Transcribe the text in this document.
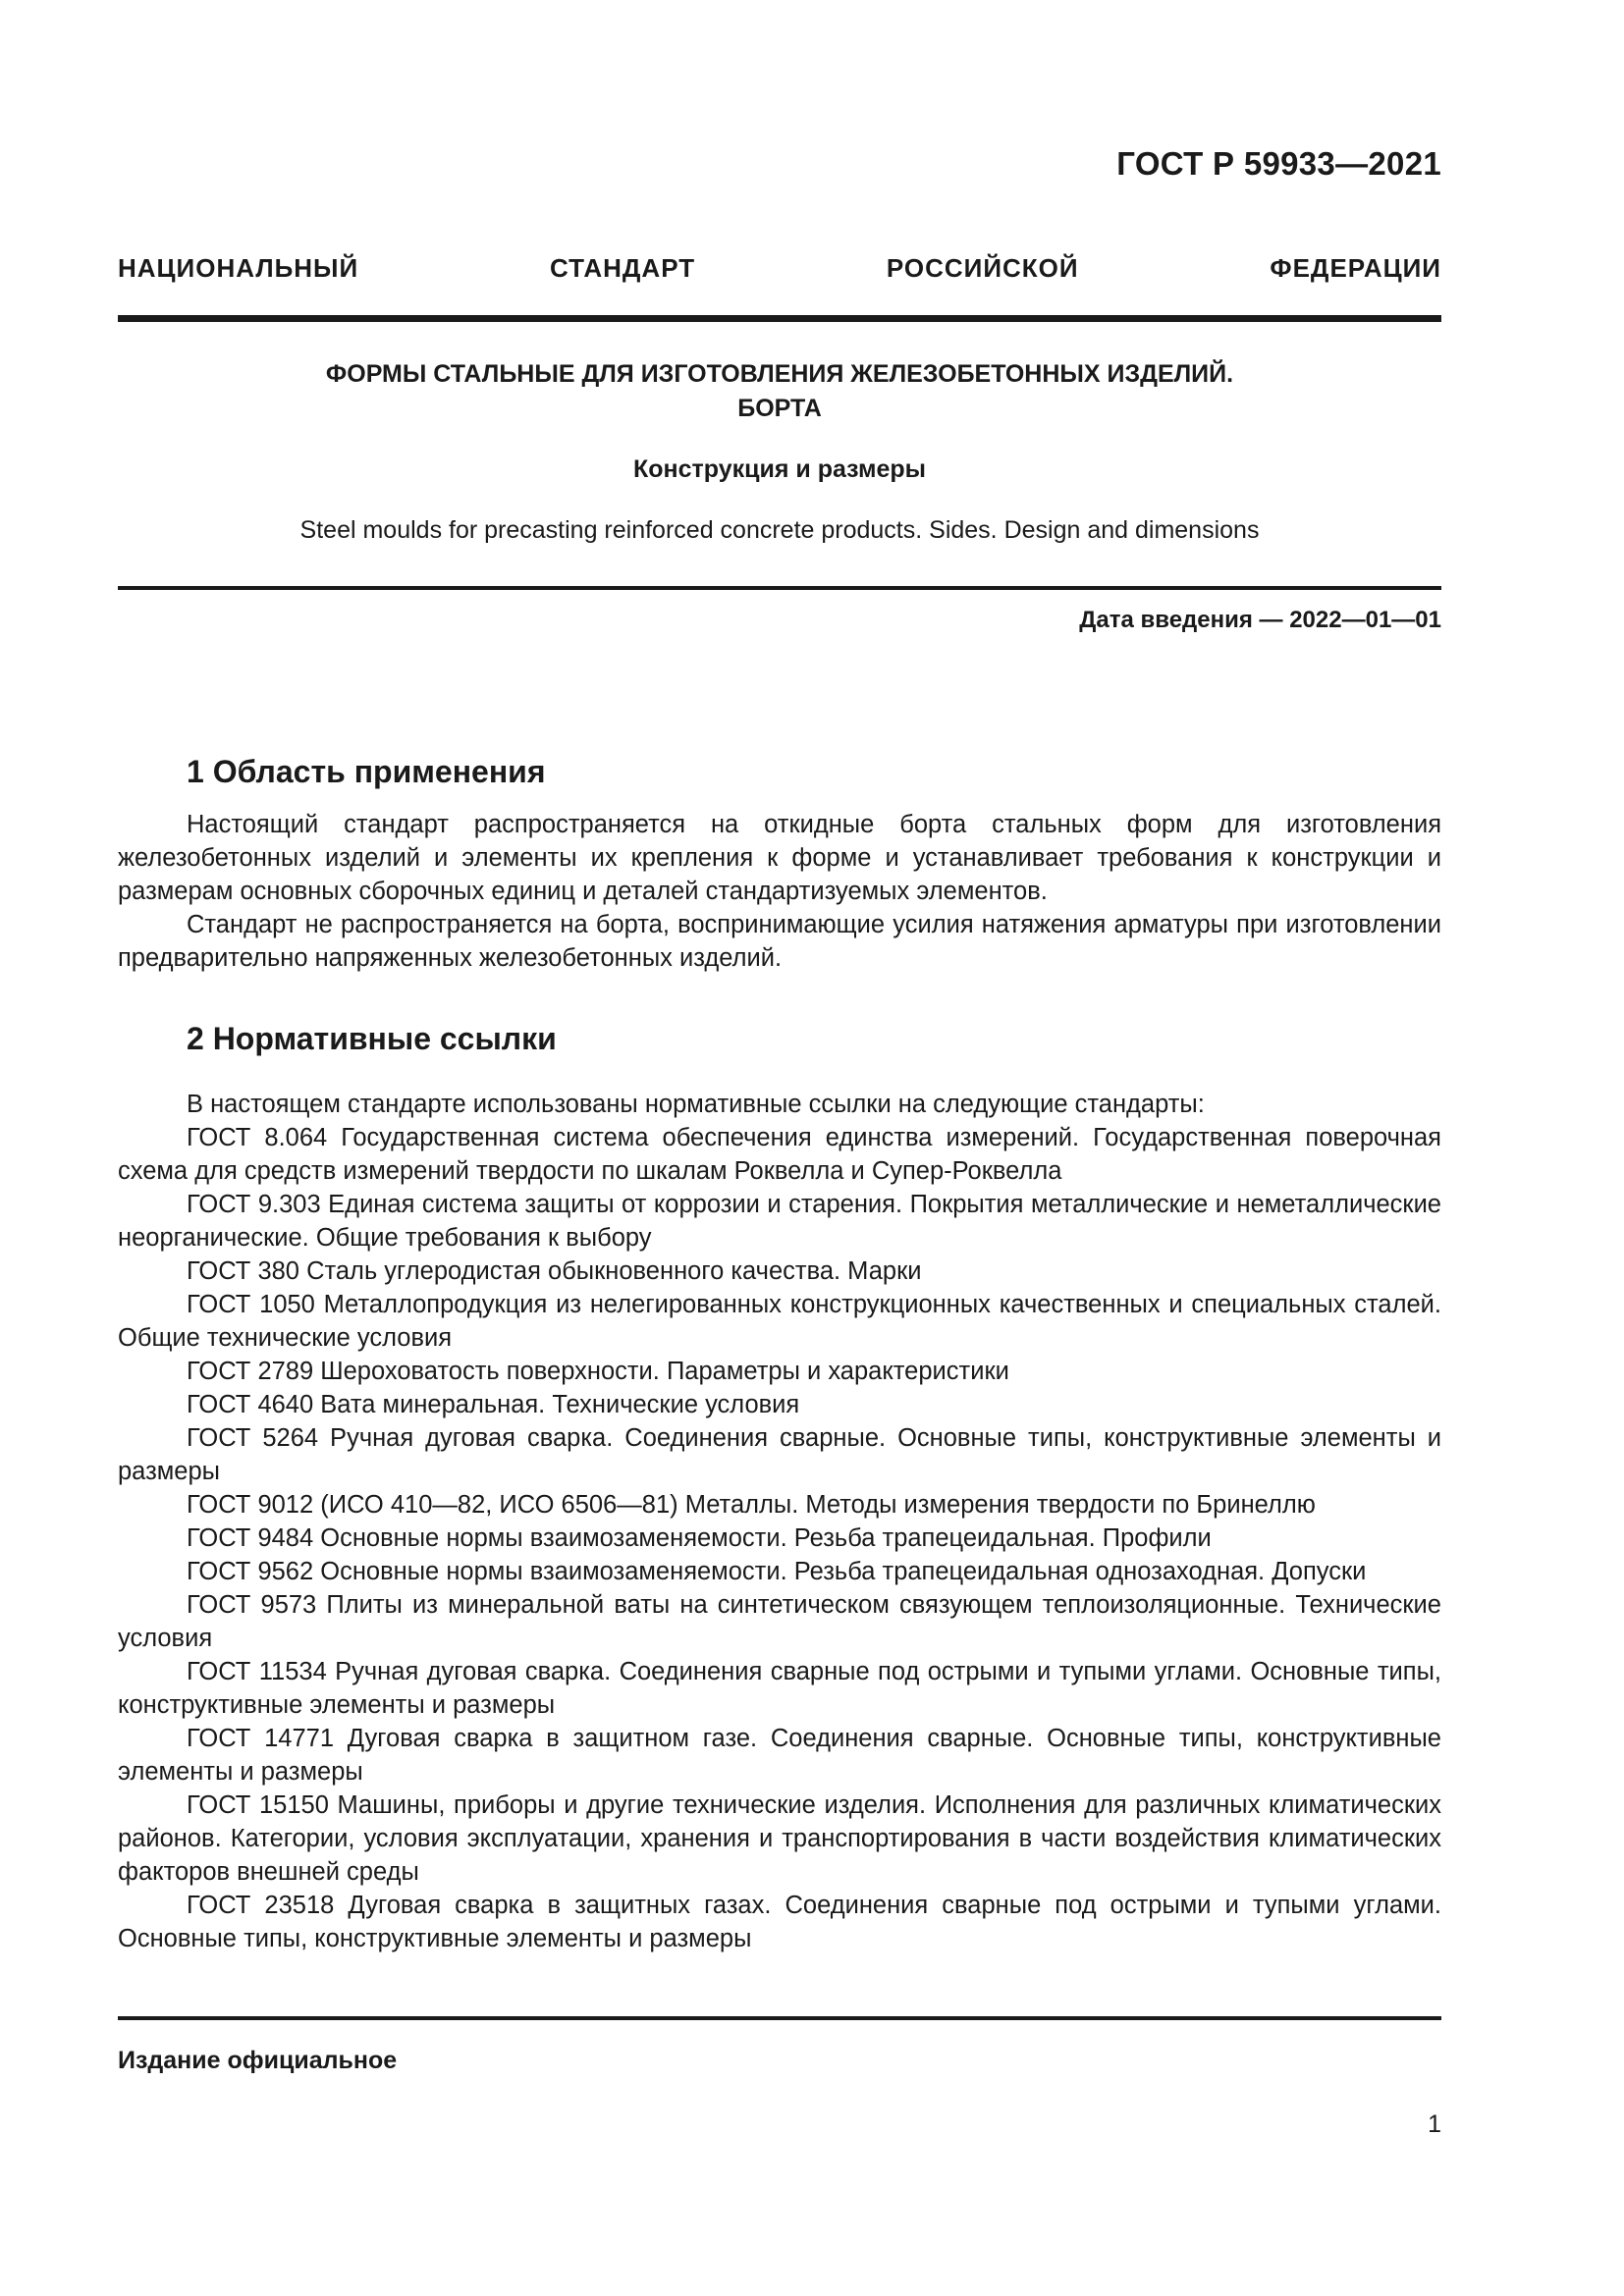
ГОСТ Р 59933—2021
НАЦИОНАЛЬНЫЙ СТАНДАРТ РОССИЙСКОЙ ФЕДЕРАЦИИ
ФОРМЫ СТАЛЬНЫЕ ДЛЯ ИЗГОТОВЛЕНИЯ ЖЕЛЕЗОБЕТОННЫХ ИЗДЕЛИЙ.
БОРТА
Конструкция и размеры
Steel moulds for precasting reinforced concrete products. Sides. Design and dimensions
Дата введения — 2022—01—01
1 Область применения

Настоящий стандарт распространяется на откидные борта стальных форм для изготовления железобетонных изделий и элементы их крепления к форме и устанавливает требования к конструкции и размерам основных сборочных единиц и деталей стандартизуемых элементов.

Стандарт не распространяется на борта, воспринимающие усилия натяжения арматуры при изготовлении предварительно напряженных железобетонных изделий.

2 Нормативные ссылки

В настоящем стандарте использованы нормативные ссылки на следующие стандарты:

ГОСТ 8.064 Государственная система обеспечения единства измерений. Государственная поверочная схема для средств измерений твердости по шкалам Роквелла и Супер-Роквелла

ГОСТ 9.303 Единая система защиты от коррозии и старения. Покрытия металлические и неметаллические неорганические. Общие требования к выбору

ГОСТ 380 Сталь углеродистая обыкновенного качества. Марки

ГОСТ 1050 Металлопродукция из нелегированных конструкционных качественных и специальных сталей. Общие технические условия

ГОСТ 2789 Шероховатость поверхности. Параметры и характеристики

ГОСТ 4640 Вата минеральная. Технические условия

ГОСТ 5264 Ручная дуговая сварка. Соединения сварные. Основные типы, конструктивные элементы и размеры

ГОСТ 9012 (ИСО 410—82, ИСО 6506—81) Металлы. Методы измерения твердости по Бринеллю

ГОСТ 9484 Основные нормы взаимозаменяемости. Резьба трапецеидальная. Профили

ГОСТ 9562 Основные нормы взаимозаменяемости. Резьба трапецеидальная однозаходная. Допуски

ГОСТ 9573 Плиты из минеральной ваты на синтетическом связующем теплоизоляционные. Технические условия

ГОСТ 11534 Ручная дуговая сварка. Соединения сварные под острыми и тупыми углами. Основные типы, конструктивные элементы и размеры

ГОСТ 14771 Дуговая сварка в защитном газе. Соединения сварные. Основные типы, конструктивные элементы и размеры

ГОСТ 15150 Машины, приборы и другие технические изделия. Исполнения для различных климатических районов. Категории, условия эксплуатации, хранения и транспортирования в части воздействия климатических факторов внешней среды

ГОСТ 23518 Дуговая сварка в защитных газах. Соединения сварные под острыми и тупыми углами. Основные типы, конструктивные элементы и размеры

Издание официальное
1
